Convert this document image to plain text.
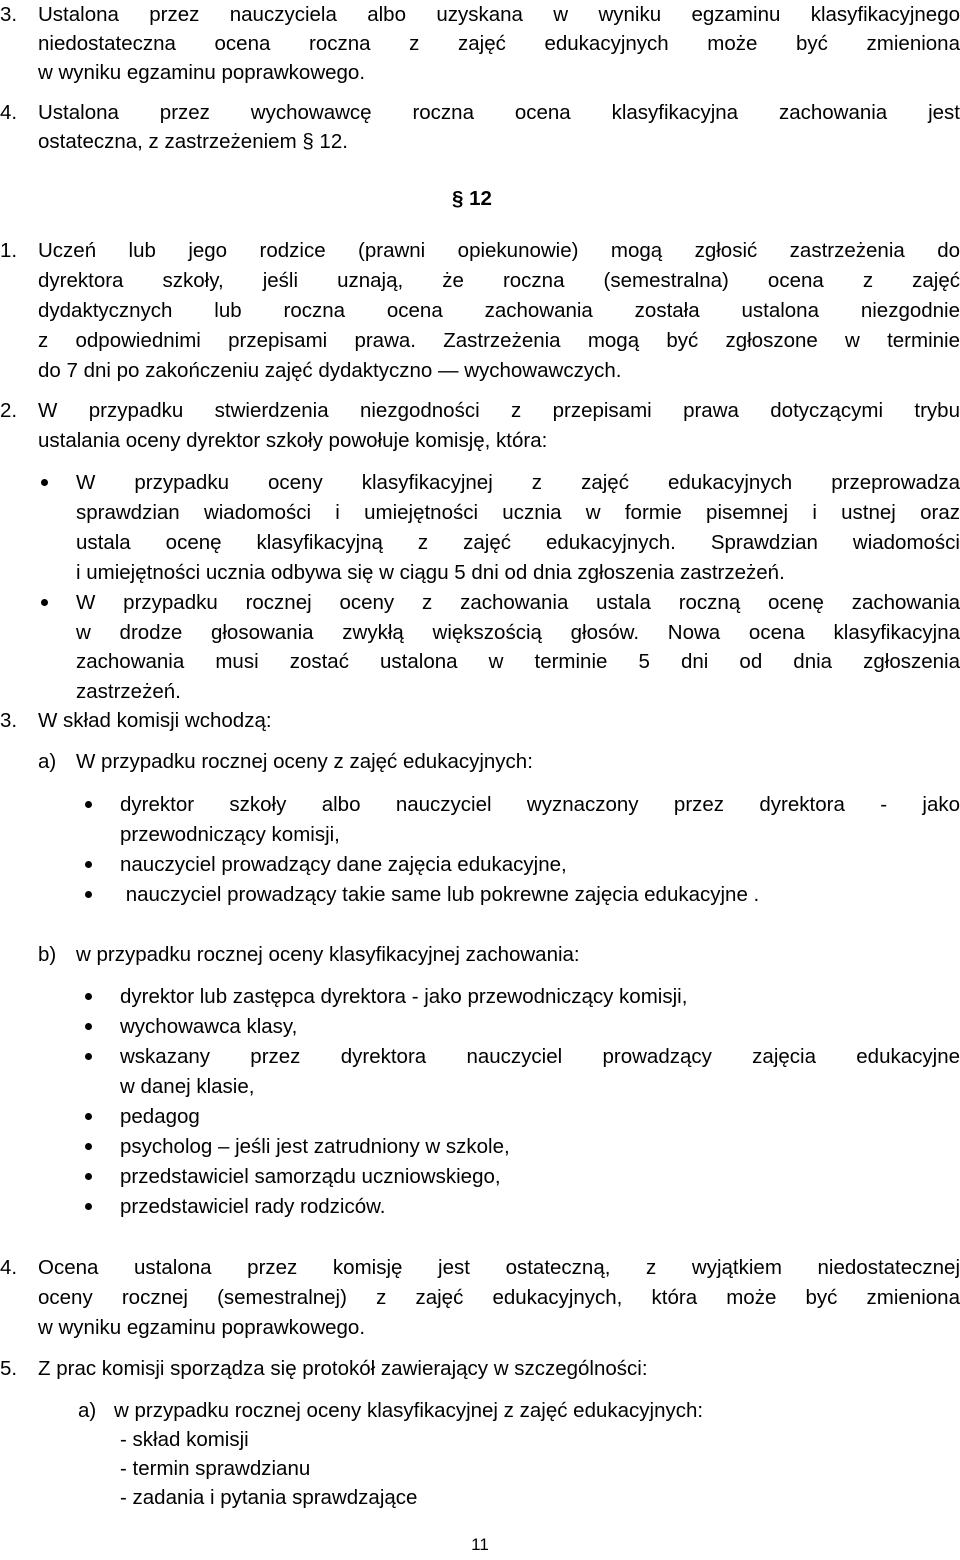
3. Ustalona przez nauczyciela albo uzyskana w wyniku egzaminu klasyfikacyjnego
niedostateczna ocena roczna z zajęć edukacyjnych może być zmieniona
w wyniku egzaminu poprawkowego.
4. Ustalona przez wychowawcę roczna ocena klasyfikacyjna zachowania jest
ostateczna, z zastrzeżeniem § 12.
§ 12
1. Uczeń lub jego rodzice (prawni opiekunowie) mogą zgłosić zastrzeżenia do
dyrektora szkoły, jeśli uznają, że roczna (semestralna) ocena z zajęć
dydaktycznych lub roczna ocena zachowania została ustalona niezgodnie
z odpowiednimi przepisami prawa. Zastrzeżenia mogą być zgłoszone w terminie
do 7 dni po zakończeniu zajęć dydaktyczno — wychowawczych.
2. W przypadku stwierdzenia niezgodności z przepisami prawa dotyczącymi trybu
ustalania oceny dyrektor szkoły powołuje komisję, która:
W przypadku oceny klasyfikacyjnej z zajęć edukacyjnych przeprowadza
sprawdzian wiadomości i umiejętności ucznia w formie pisemnej i ustnej oraz
ustala ocenę klasyfikacyjną z zajęć edukacyjnych. Sprawdzian wiadomości
i umiejętności ucznia odbywa się w ciągu 5 dni od dnia zgłoszenia zastrzeżeń.
W przypadku rocznej oceny z zachowania ustala roczną ocenę zachowania
w drodze głosowania zwykłą większością głosów. Nowa ocena klasyfikacyjna
zachowania musi zostać ustalona w terminie 5 dni od dnia zgłoszenia
zastrzeżeń.
3. W skład komisji wchodzą:
a) W przypadku rocznej oceny z zajęć edukacyjnych:
dyrektor szkoły albo nauczyciel wyznaczony przez dyrektora - jako
przewodniczący komisji,
nauczyciel prowadzący dane zajęcia edukacyjne,
nauczyciel prowadzący takie same lub pokrewne zajęcia edukacyjne .
b) w przypadku rocznej oceny klasyfikacyjnej zachowania:
dyrektor lub zastępca dyrektora - jako przewodniczący komisji,
wychowawca klasy,
wskazany przez dyrektora nauczyciel prowadzący zajęcia edukacyjne
w danej klasie,
pedagog
psycholog – jeśli jest zatrudniony w szkole,
przedstawiciel samorządu uczniowskiego,
przedstawiciel rady rodziców.
4. Ocena ustalona przez komisję jest ostateczną, z wyjątkiem niedostatecznej
oceny rocznej (semestralnej) z zajęć edukacyjnych, która może być zmieniona
w wyniku egzaminu poprawkowego.
5. Z prac komisji sporządza się protokół zawierający w szczególności:
a) w przypadku rocznej oceny klasyfikacyjnej z zajęć edukacyjnych:
- skład komisji
- termin sprawdzianu
- zadania i pytania sprawdzające
11
